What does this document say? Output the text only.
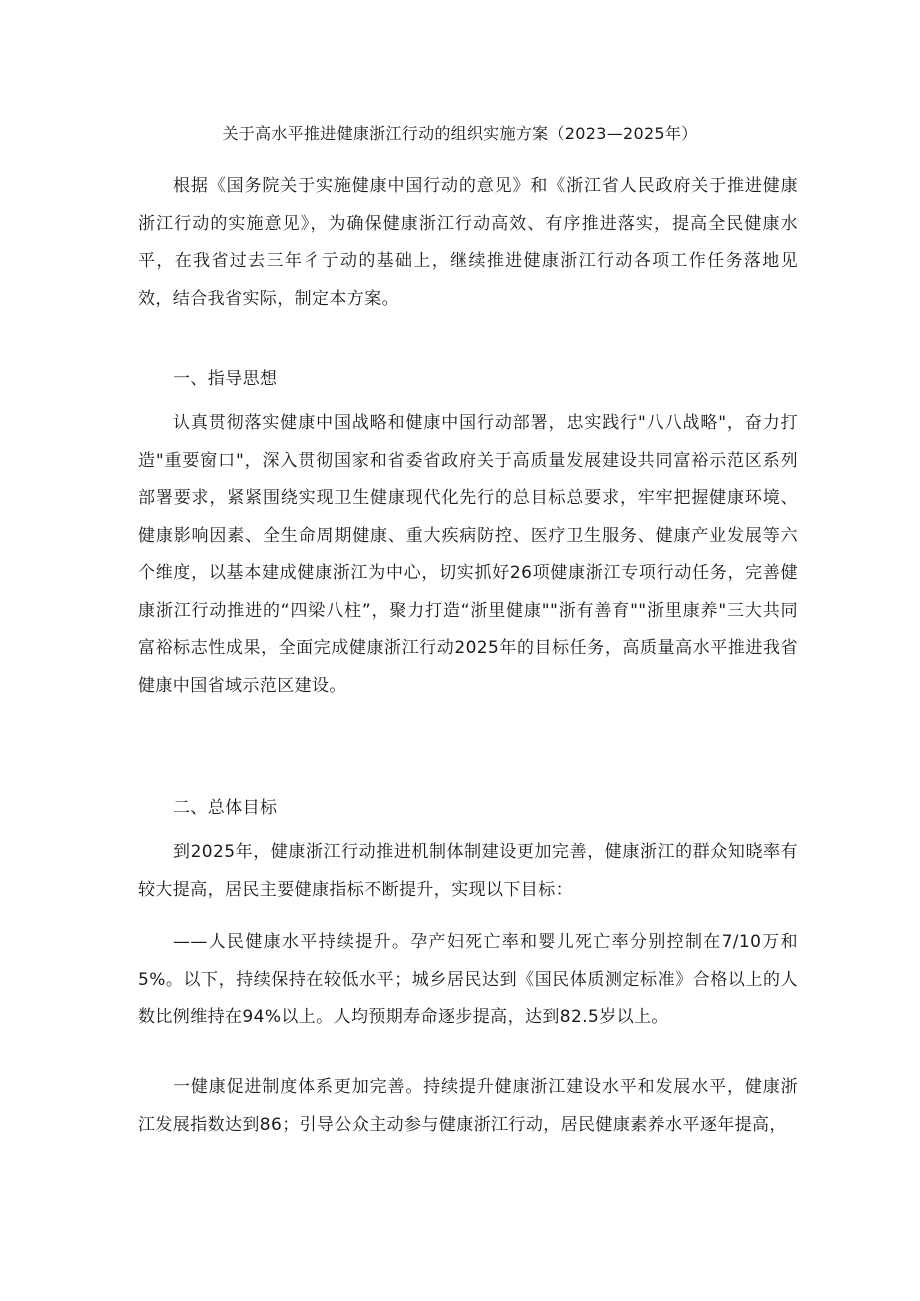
关于高水平推进健康浙江行动的组织实施方案（2023—2025年）
根据《国务院关于实施健康中国行动的意见》和《浙江省人民政府关于推进健康浙江行动的实施意见》，为确保健康浙江行动高效、有序推进落实，提高全民健康水平，在我省过去三年彳亍动的基础上，继续推进健康浙江行动各项工作任务落地见效，结合我省实际，制定本方案。
一、指导思想
认真贯彻落实健康中国战略和健康中国行动部署，忠实践行"八八战略"，奋力打造"重要窗口"，深入贯彻国家和省委省政府关于高质量发展建设共同富裕示范区系列部署要求，紧紧围绕实现卫生健康现代化先行的总目标总要求，牢牢把握健康环境、健康影响因素、全生命周期健康、重大疾病防控、医疗卫生服务、健康产业发展等六个维度，以基本建成健康浙江为中心，切实抓好26项健康浙江专项行动任务，完善健康浙江行动推进的“四梁八柱”，聚力打造“浙里健康""浙有善育""浙里康养"三大共同富裕标志性成果，全面完成健康浙江行动2025年的目标任务，高质量高水平推进我省健康中国省域示范区建设。
二、总体目标
到2025年，健康浙江行动推进机制体制建设更加完善，健康浙江的群众知晓率有较大提高，居民主要健康指标不断提升，实现以下目标：
——人民健康水平持续提升。孕产妇死亡率和婴儿死亡率分别控制在7/10万和5%。以下，持续保持在较低水平；城乡居民达到《国民体质测定标准》合格以上的人数比例维持在94%以上。人均预期寿命逐步提高，达到82.5岁以上。
一健康促进制度体系更加完善。持续提升健康浙江建设水平和发展水平，健康浙江发展指数达到86；引导公众主动参与健康浙江行动，居民健康素养水平逐年提高，
